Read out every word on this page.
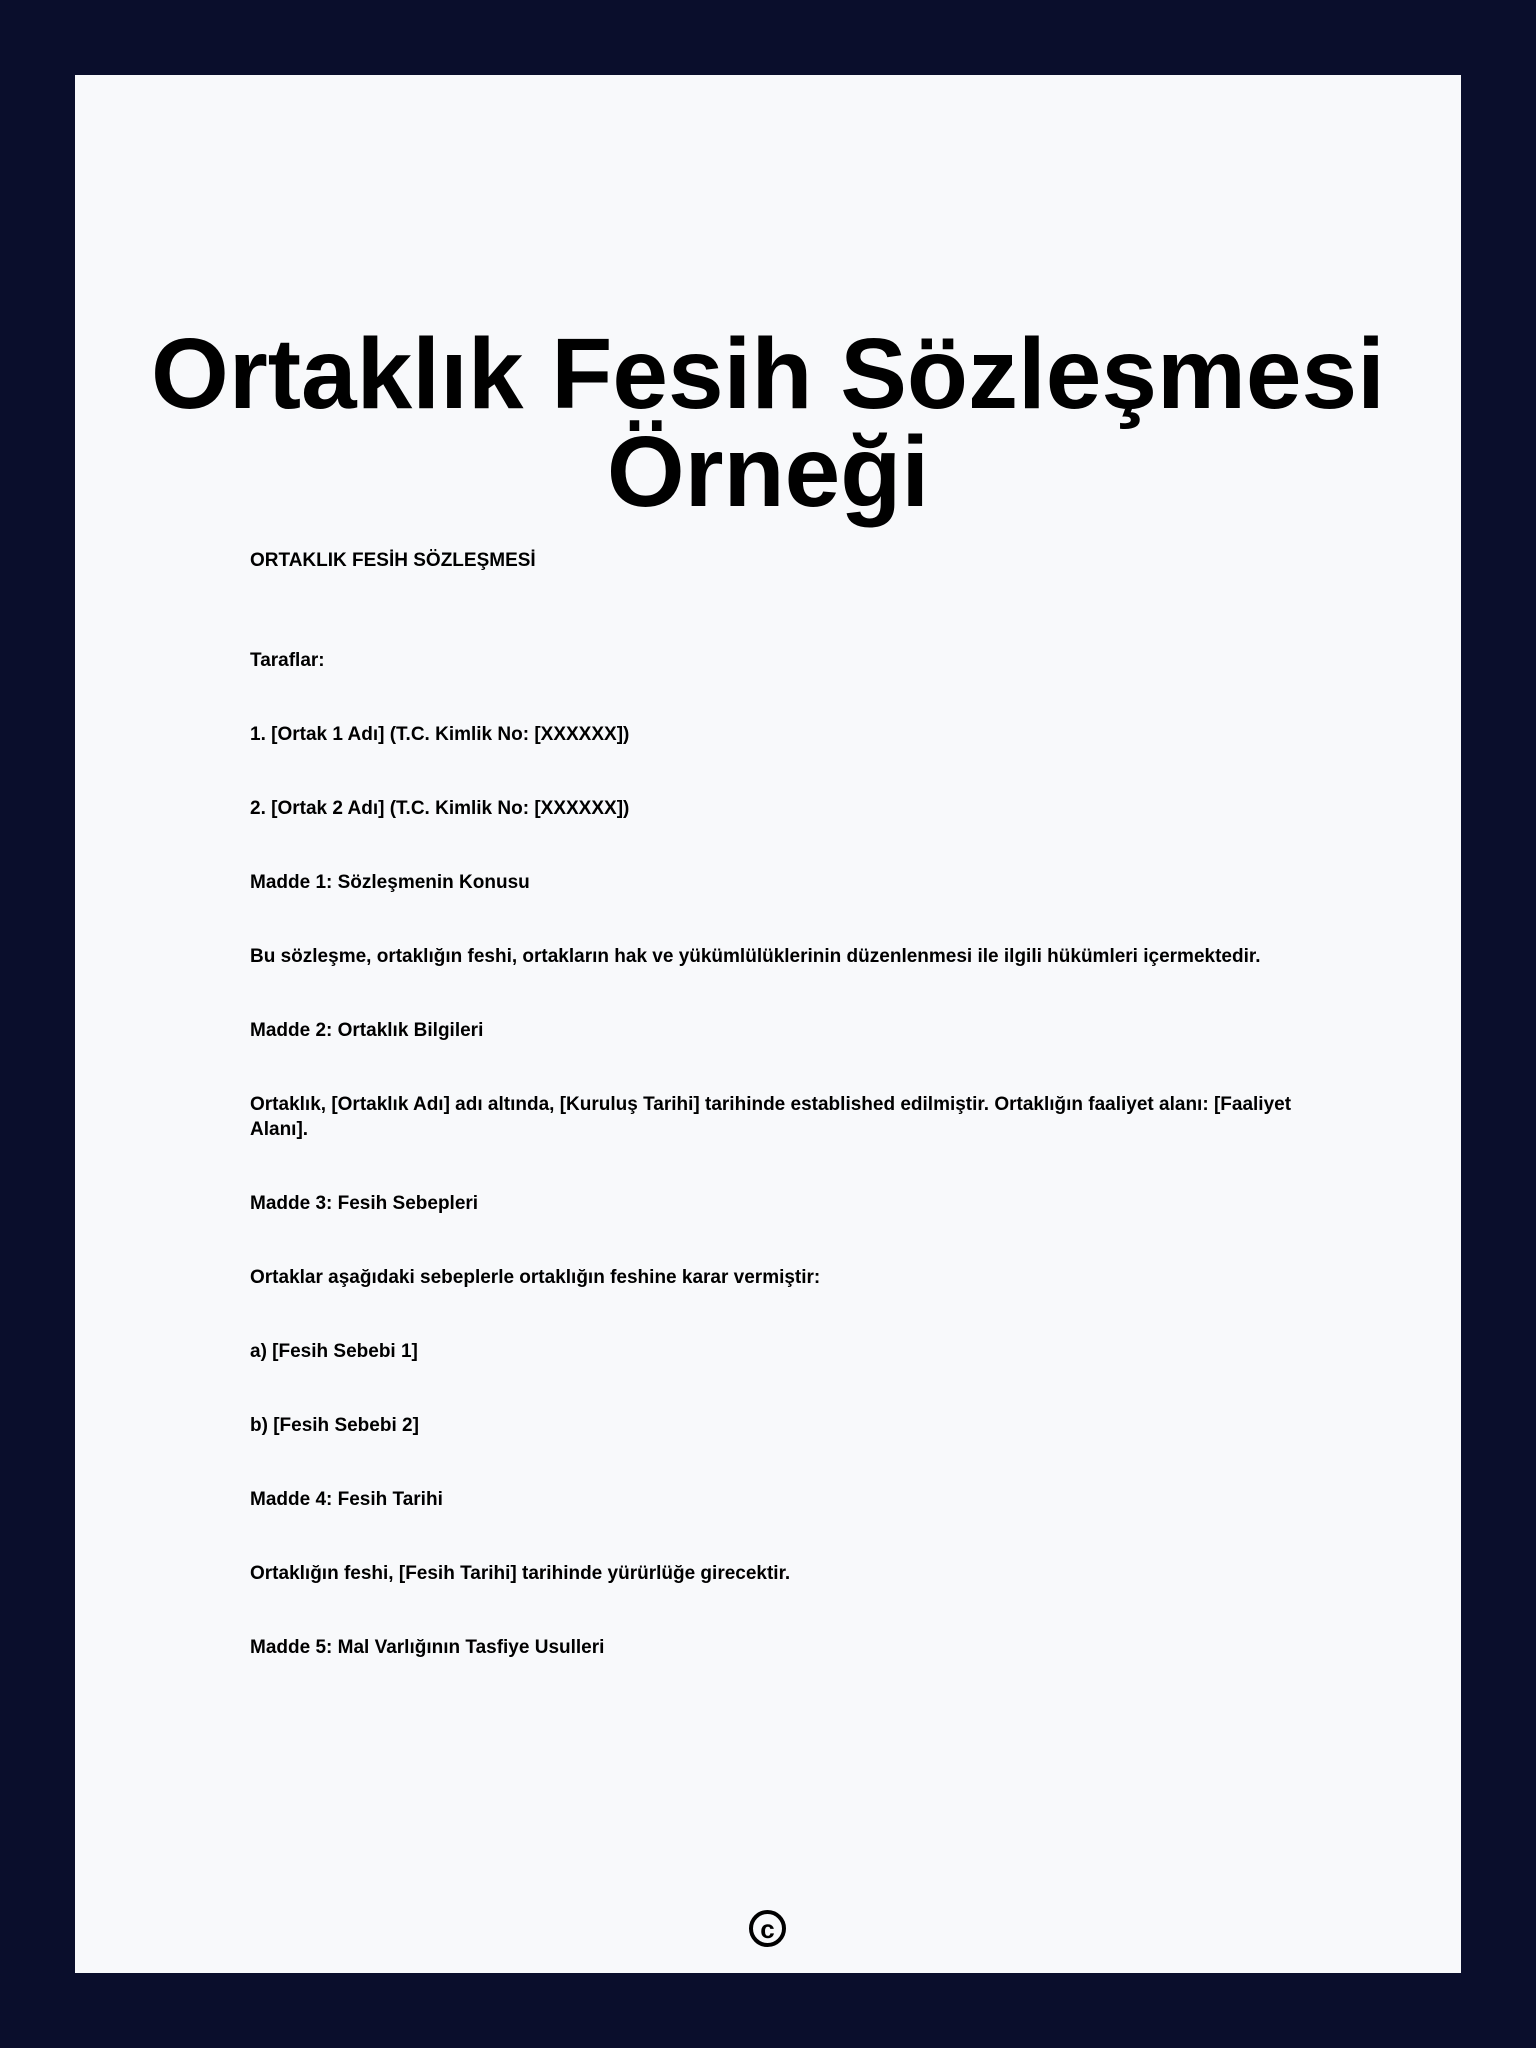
Ortaklık Fesih Sözleşmesi Örneği

ORTAKLIK FESİH SÖZLEŞMESİ

Taraflar:

1. [Ortak 1 Adı] (T.C. Kimlik No: [XXXXXX])

2. [Ortak 2 Adı] (T.C. Kimlik No: [XXXXXX])

Madde 1: Sözleşmenin Konusu

Bu sözleşme, ortaklığın feshi, ortakların hak ve yükümlülüklerinin düzenlenmesi ile ilgili hükümleri içermektedir.

Madde 2: Ortaklık Bilgileri

Ortaklık, [Ortaklık Adı] adı altında, [Kuruluş Tarihi] tarihinde established edilmiştir. Ortaklığın faaliyet alanı: [Faaliyet Alanı].

Madde 3: Fesih Sebepleri

Ortaklar aşağıdaki sebeplerle ortaklığın feshine karar vermiştir:

a) [Fesih Sebebi 1]

b) [Fesih Sebebi 2]

Madde 4: Fesih Tarihi

Ortaklığın feshi, [Fesih Tarihi] tarihinde yürürlüğe girecektir.

Madde 5: Mal Varlığının Tasfiye Usulleri

c
